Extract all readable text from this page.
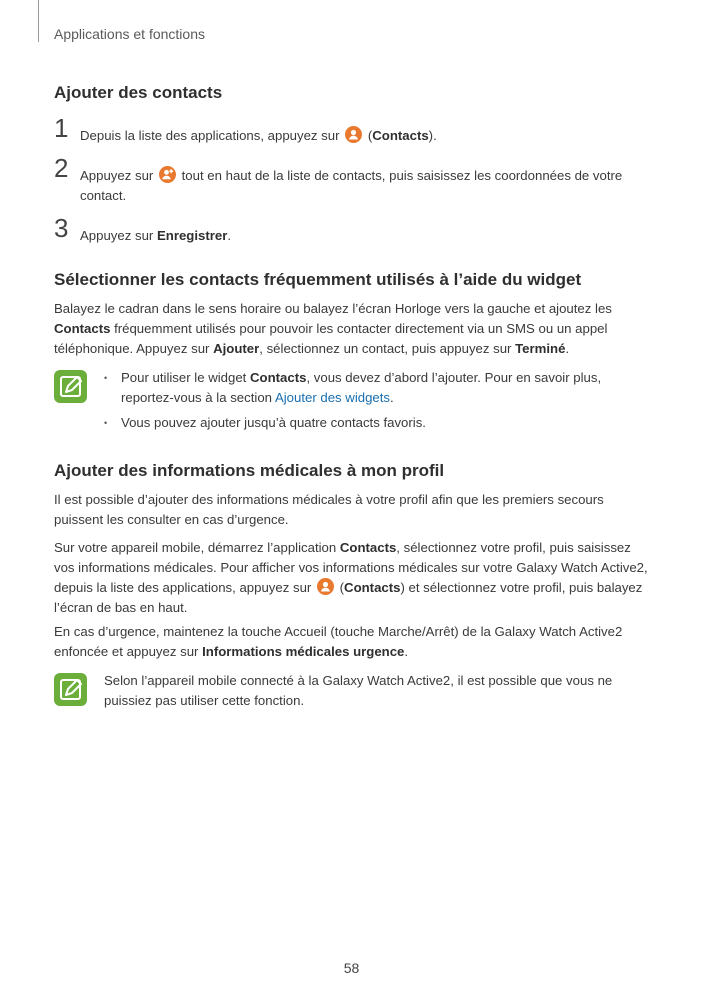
Applications et fonctions
Ajouter des contacts
1 Depuis la liste des applications, appuyez sur
(Contacts).
2 Appuyez sur
tout en haut de la liste de contacts, puis saisissez les coordonnées de votre contact.
3 Appuyez sur Enregistrer.
Sélectionner les contacts fréquemment utilisés à l’aide du widget

Balayez le cadran dans le sens horaire ou balayez l’écran Horloge vers la gauche et ajoutez les Contacts fréquemment utilisés pour pouvoir les contacter directement via un SMS ou un appel téléphonique. Appuyez sur Ajouter, sélectionnez un contact, puis appuyez sur Terminé.

• Pour utiliser le widget Contacts, vous devez d’abord l’ajouter. Pour en savoir plus, reportez-vous à la section Ajouter des widgets.
• Vous pouvez ajouter jusqu’à quatre contacts favoris.
Ajouter des informations médicales à mon profil

Il est possible d’ajouter des informations médicales à votre profil afin que les premiers secours puissent les consulter en cas d’urgence.

Sur votre appareil mobile, démarrez l’application Contacts, sélectionnez votre profil, puis saisissez vos informations médicales. Pour afficher vos informations médicales sur votre Galaxy Watch Active2, depuis la liste des applications, appuyez sur
(Contacts) et sélectionnez votre profil, puis balayez l’écran de bas en haut.

En cas d’urgence, maintenez la touche Accueil (touche Marche/Arrêt) de la Galaxy Watch Active2 enfoncée et appuyez sur Informations médicales urgence.

Selon l’appareil mobile connecté à la Galaxy Watch Active2, il est possible que vous ne puissiez pas utiliser cette fonction.

58
